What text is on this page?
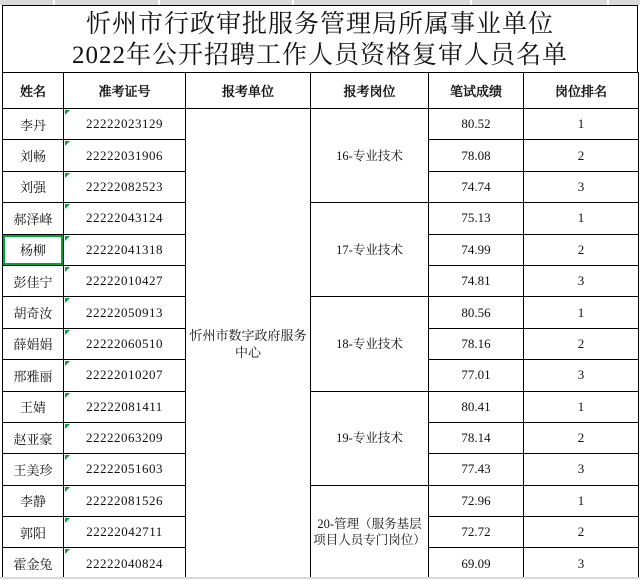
忻州市行政审批服务管理局所属事业单位
2022年公开招聘工作人员资格复审人员名单
姓名	准考证号	报考单位	报考岗位	笔试成绩	岗位排名
李丹	22222023129	忻州市数字政府服务中心	16-专业技术	80.52	1
刘畅	22222031906			78.08	2
刘强	22222082523			74.74	3
郝泽峰	22222043124		17-专业技术	75.13	1
杨柳	22222041318			74.99	2
彭佳宁	22222010427			74.81	3
胡奇汝	22222050913		18-专业技术	80.56	1
薛娟娟	22222060510			78.16	2
邢雅丽	22222010207			77.01	3
王婧	22222081411		19-专业技术	80.41	1
赵亚豪	22222063209			78.14	2
王美珍	22222051603			77.43	3
李静	22222081526		20-管理（服务基层项目人员专门岗位）	72.96	1
郭阳	22222042711			72.72	2
霍金兔	22222040824			69.09	3
